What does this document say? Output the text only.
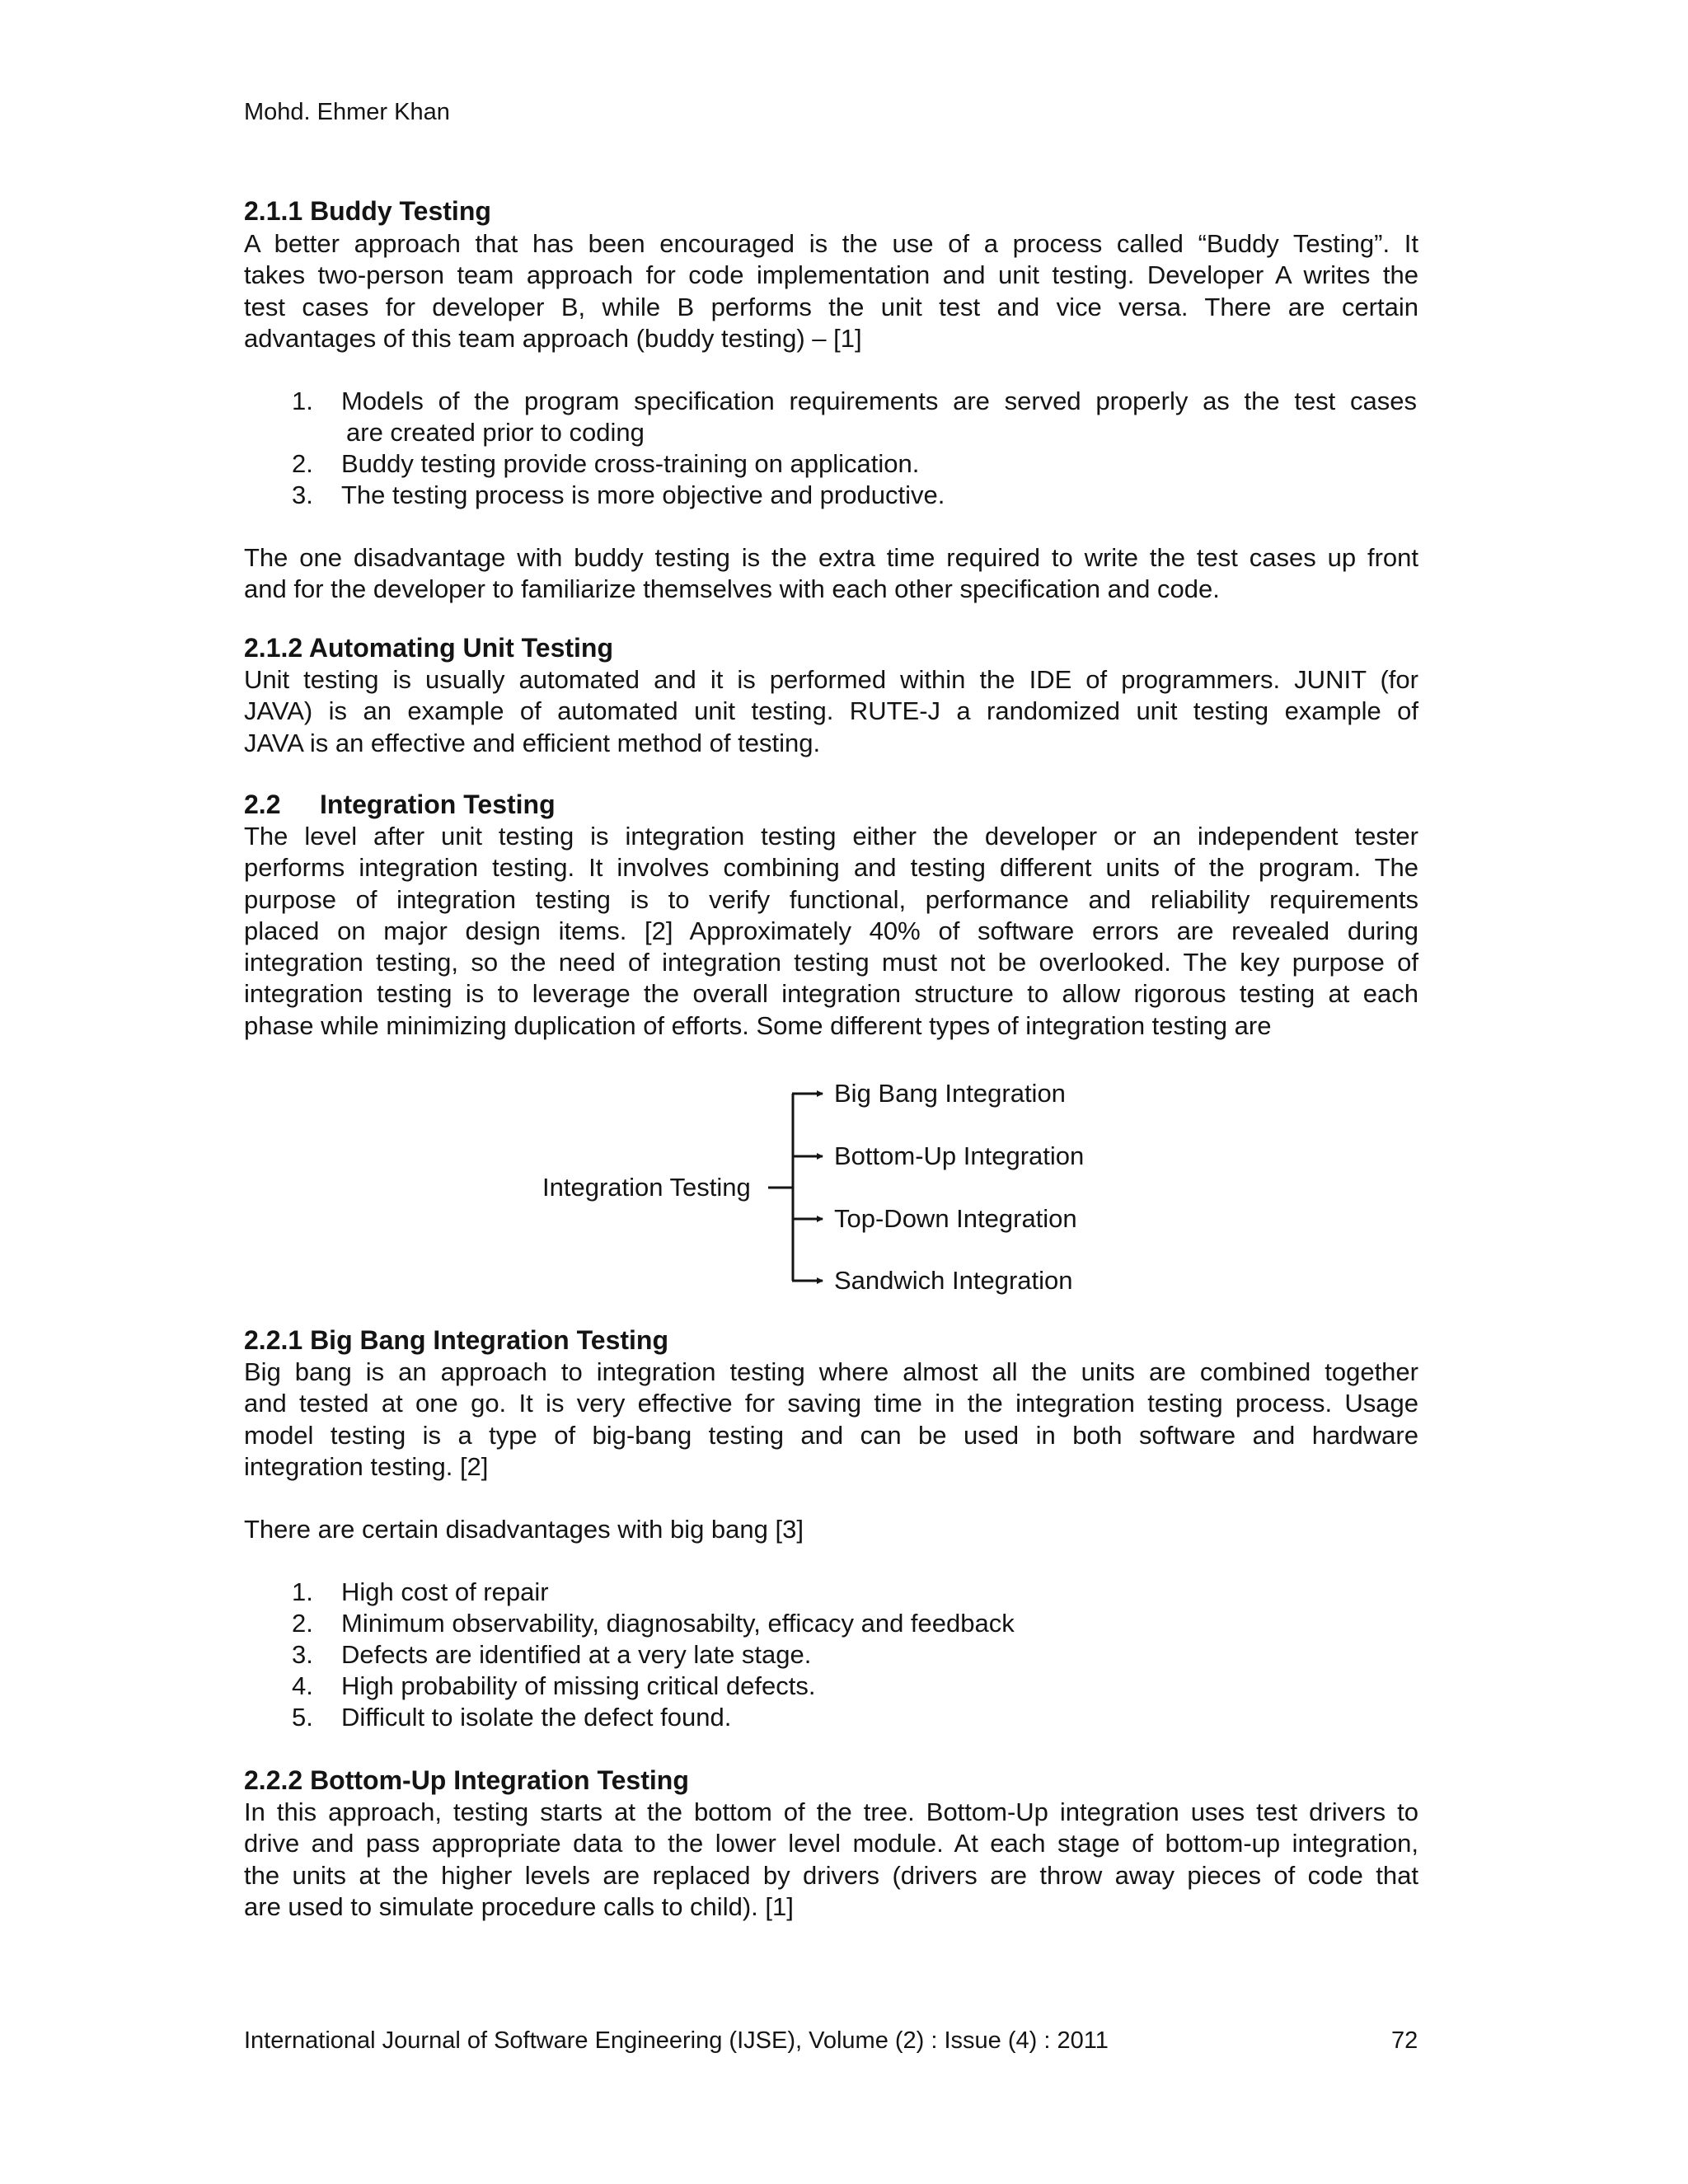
Mohd. Ehmer Khan
2.1.1 Buddy Testing
A better approach that has been encouraged is the use of a process called “Buddy Testing”. It
takes two-person team approach for code implementation and unit testing. Developer A writes the
test cases for developer B, while B performs the unit test and vice versa. There are certain
advantages of this team approach (buddy testing) – [1]
1. Models of the program specification requirements are served properly as the test cases
are created prior to coding
2. Buddy testing provide cross-training on application.
3. The testing process is more objective and productive.
The one disadvantage with buddy testing is the extra time required to write the test cases up front
and for the developer to familiarize themselves with each other specification and code.
2.1.2 Automating Unit Testing
Unit testing is usually automated and it is performed within the IDE of programmers. JUNIT (for
JAVA) is an example of automated unit testing. RUTE-J a randomized unit testing example of
JAVA is an effective and efficient method of testing.
2.2 Integration Testing
The level after unit testing is integration testing either the developer or an independent tester
performs integration testing. It involves combining and testing different units of the program. The
purpose of integration testing is to verify functional, performance and reliability requirements
placed on major design items. [2] Approximately 40% of software errors are revealed during
integration testing, so the need of integration testing must not be overlooked. The key purpose of
integration testing is to leverage the overall integration structure to allow rigorous testing at each
phase while minimizing duplication of efforts. Some different types of integration testing are
Integration Testing
Big Bang Integration
Bottom-Up Integration
Top-Down Integration
Sandwich Integration
2.2.1 Big Bang Integration Testing
Big bang is an approach to integration testing where almost all the units are combined together
and tested at one go. It is very effective for saving time in the integration testing process. Usage
model testing is a type of big-bang testing and can be used in both software and hardware
integration testing. [2]
There are certain disadvantages with big bang [3]
1. High cost of repair
2. Minimum observability, diagnosabilty, efficacy and feedback
3. Defects are identified at a very late stage.
4. High probability of missing critical defects.
5. Difficult to isolate the defect found.
2.2.2 Bottom-Up Integration Testing
In this approach, testing starts at the bottom of the tree. Bottom-Up integration uses test drivers to
drive and pass appropriate data to the lower level module. At each stage of bottom-up integration,
the units at the higher levels are replaced by drivers (drivers are throw away pieces of code that
are used to simulate procedure calls to child). [1]
International Journal of Software Engineering (IJSE), Volume (2) : Issue (4) : 2011	72
